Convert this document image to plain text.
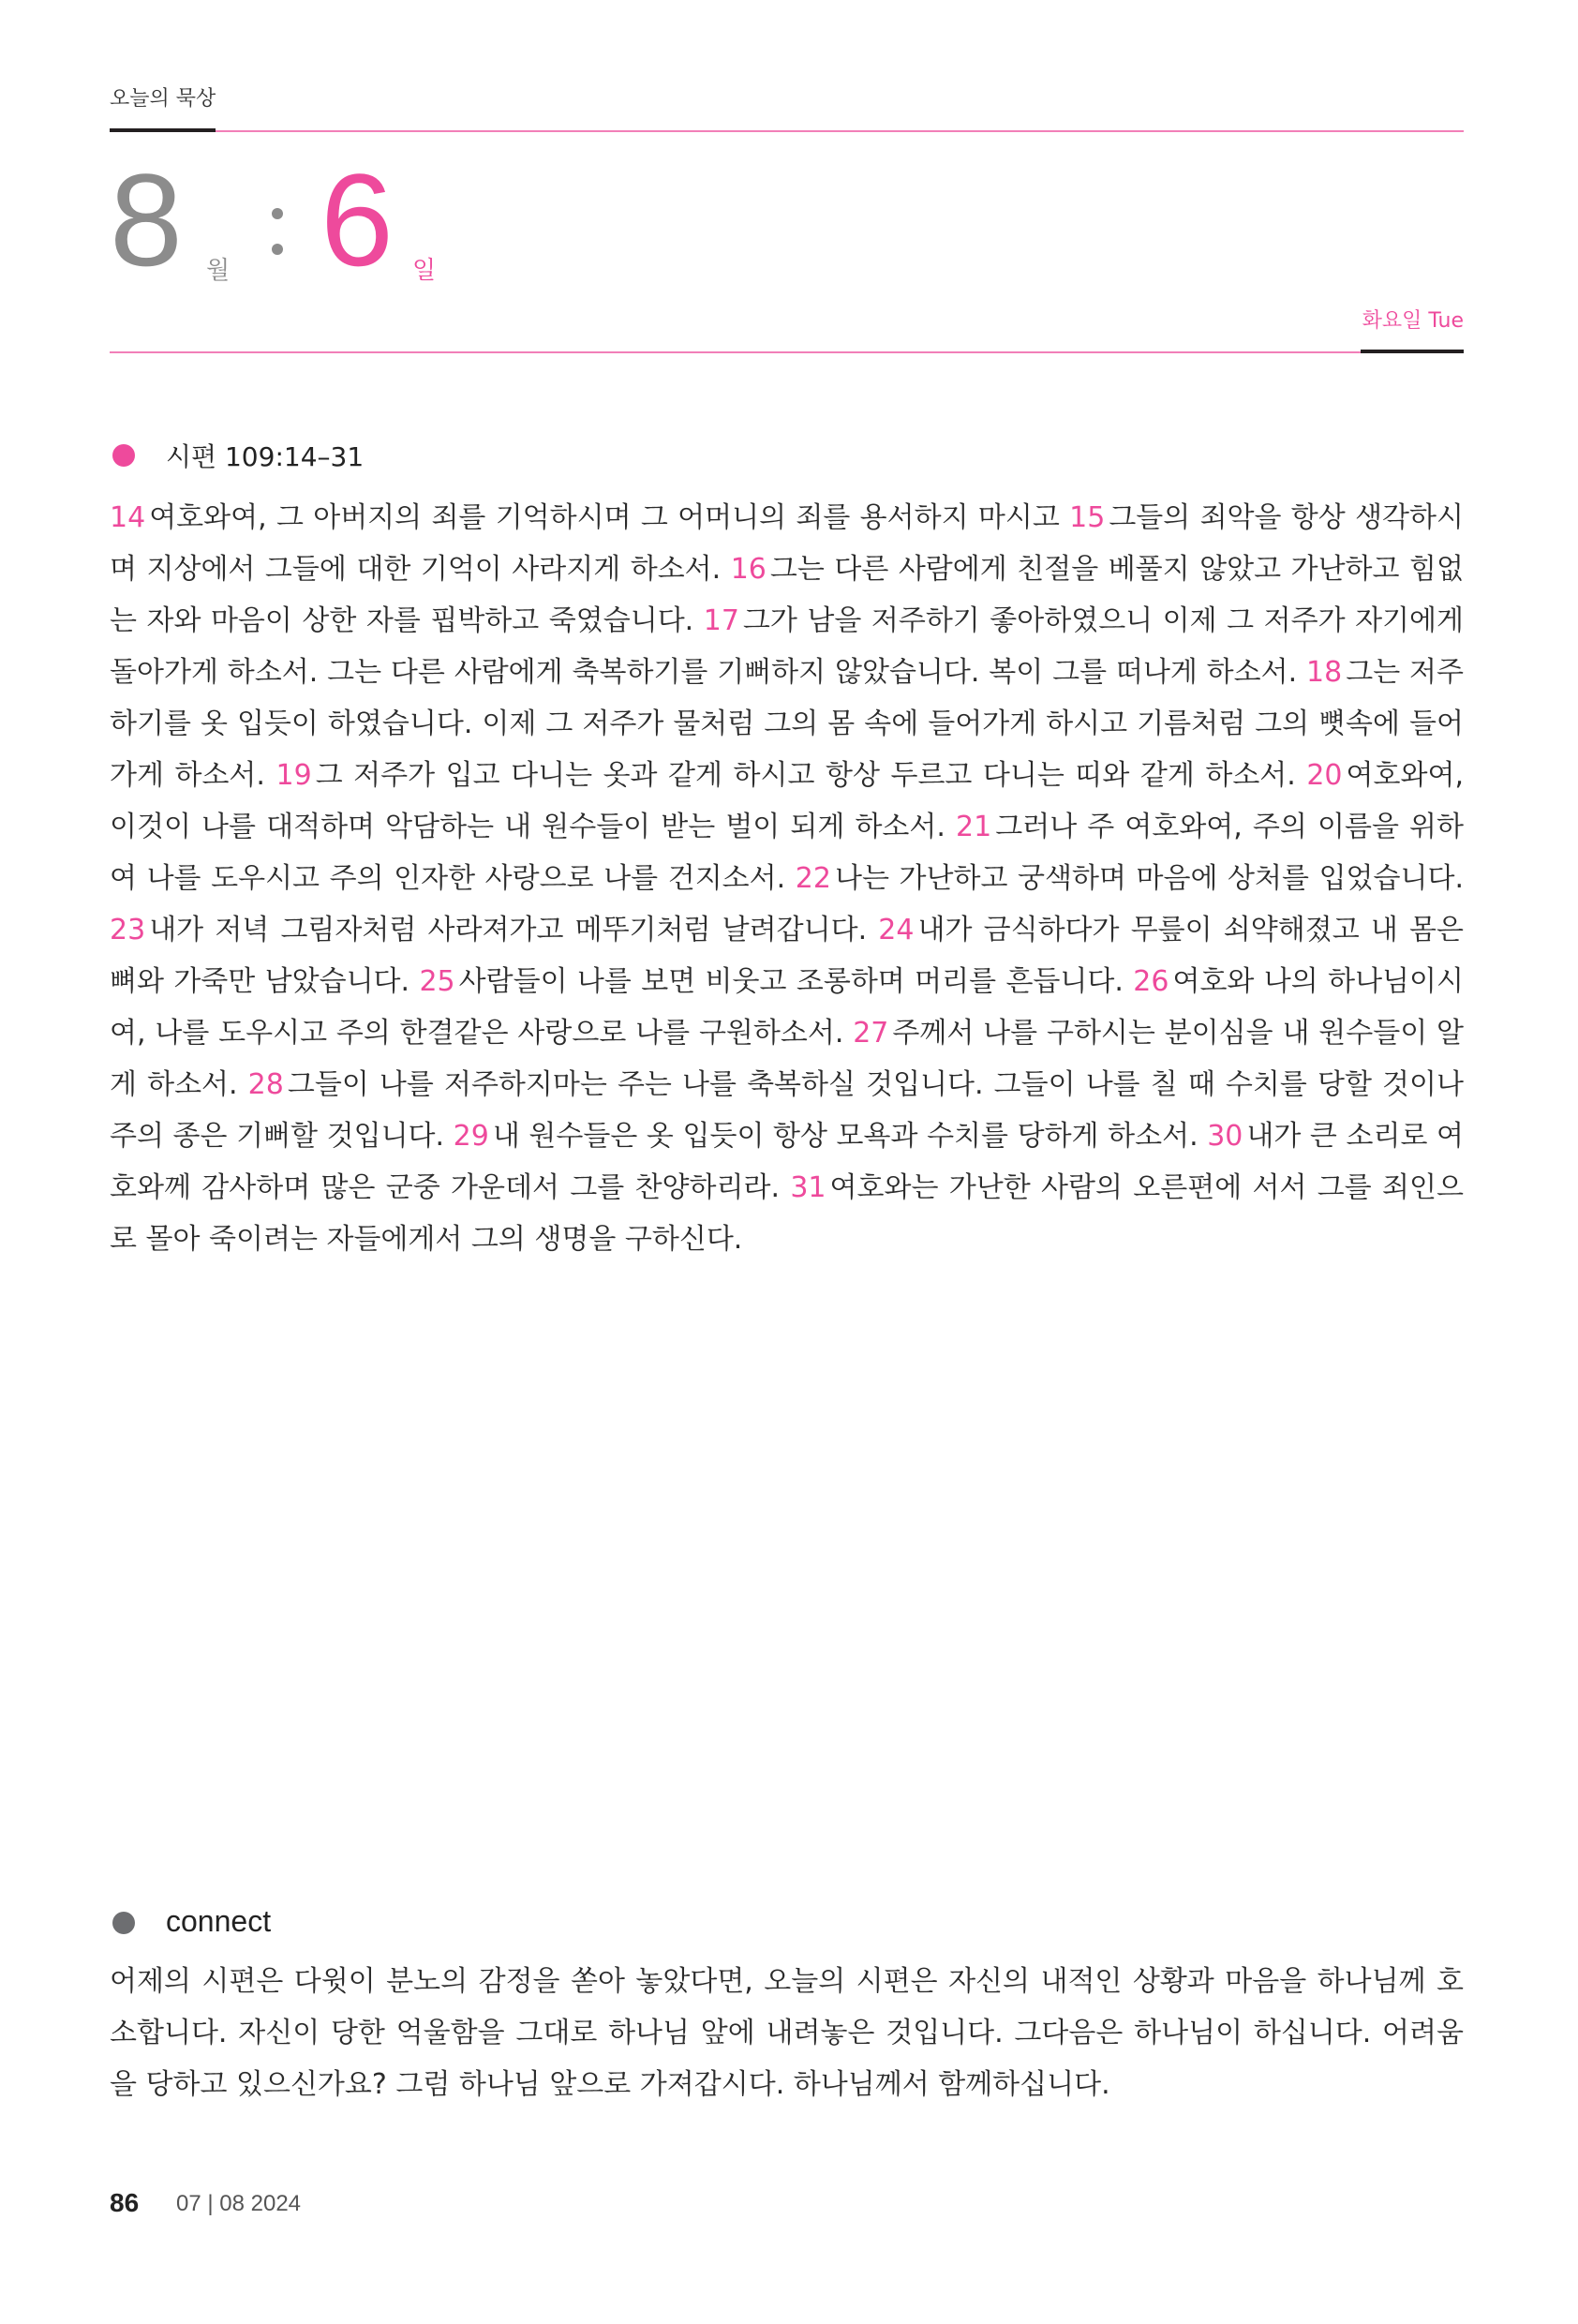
오늘의 묵상
8 월 6 일
화요일 Tue
시편 109:14–31
14 여호와여, 그 아버지의 죄를 기억하시며 그 어머니의 죄를 용서하지 마시고 15 그들의 죄악을 항상 생각하시며 지상에서 그들에 대한 기억이 사라지게 하소서. 16 그는 다른 사람에게 친절을 베풀지 않았고 가난하고 힘없는 자와 마음이 상한 자를 핍박하고 죽였습니다. 17 그가 남을 저주하기 좋아하였으니 이제 그 저주가 자기에게 돌아가게 하소서. 그는 다른 사람에게 축복하기를 기뻐하지 않았습니다. 복이 그를 떠나게 하소서. 18 그는 저주하기를 옷 입듯이 하였습니다. 이제 그 저주가 물처럼 그의 몸 속에 들어가게 하시고 기름처럼 그의 뼛속에 들어가게 하소서. 19 그 저주가 입고 다니는 옷과 같게 하시고 항상 두르고 다니는 띠와 같게 하소서. 20 여호와여, 이것이 나를 대적하며 악담하는 내 원수들이 받는 벌이 되게 하소서. 21 그러나 주 여호와여, 주의 이름을 위하여 나를 도우시고 주의 인자한 사랑으로 나를 건지소서. 22 나는 가난하고 궁색하며 마음에 상처를 입었습니다. 23 내가 저녁 그림자처럼 사라져가고 메뚜기처럼 날려갑니다. 24 내가 금식하다가 무릎이 쇠약해졌고 내 몸은 뼈와 가죽만 남았습니다. 25 사람들이 나를 보면 비웃고 조롱하며 머리를 흔듭니다. 26 여호와 나의 하나님이시여, 나를 도우시고 주의 한결같은 사랑으로 나를 구원하소서. 27 주께서 나를 구하시는 분이심을 내 원수들이 알게 하소서. 28 그들이 나를 저주하지마는 주는 나를 축복하실 것입니다. 그들이 나를 칠 때 수치를 당할 것이나 주의 종은 기뻐할 것입니다. 29 내 원수들은 옷 입듯이 항상 모욕과 수치를 당하게 하소서. 30 내가 큰 소리로 여호와께 감사하며 많은 군중 가운데서 그를 찬양하리라. 31 여호와는 가난한 사람의 오른편에 서서 그를 죄인으로 몰아 죽이려는 자들에게서 그의 생명을 구하신다.
connect
어제의 시편은 다윗이 분노의 감정을 쏟아 놓았다면, 오늘의 시편은 자신의 내적인 상황과 마음을 하나님께 호소합니다. 자신이 당한 억울함을 그대로 하나님 앞에 내려놓은 것입니다. 그다음은 하나님이 하십니다. 어려움을 당하고 있으신가요? 그럼 하나님 앞으로 가져갑시다. 하나님께서 함께하십니다.
86 07 | 08 2024
